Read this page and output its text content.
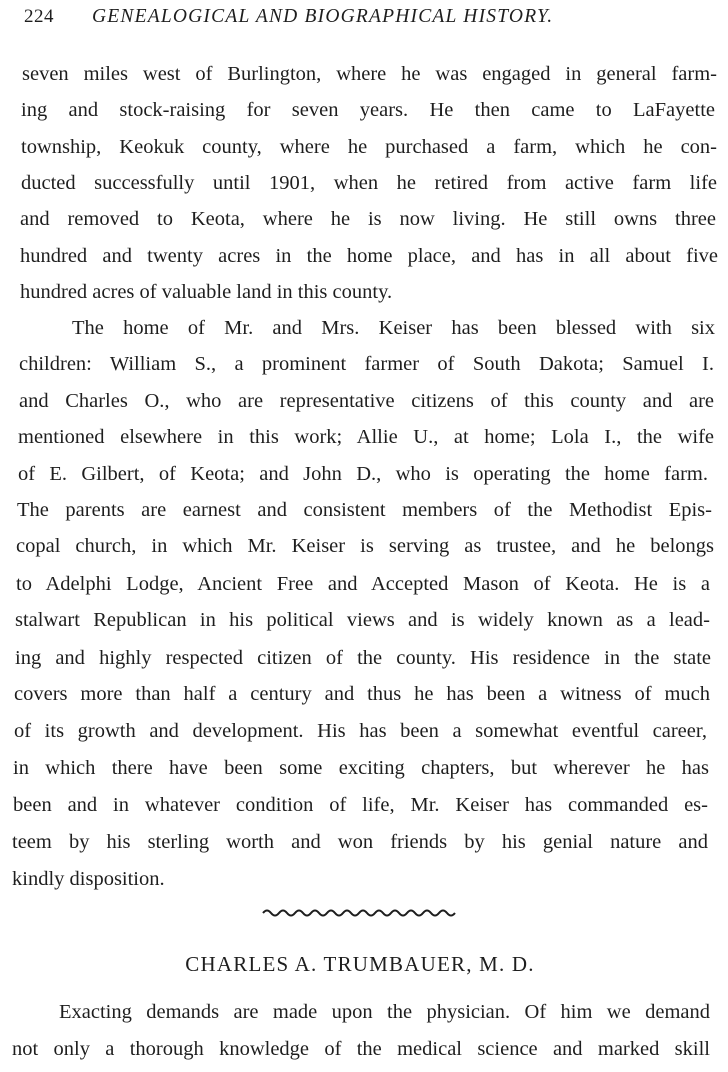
224 GENEALOGICAL AND BIOGRAPHICAL HISTORY.
seven miles west of Burlington, where he was engaged in general farm-
ing and stock-raising for seven years. He then came to LaFayette
township, Keokuk county, where he purchased a farm, which he con-
ducted successfully until 1901, when he retired from active farm life
and removed to Keota, where he is now living. He still owns three
hundred and twenty acres in the home place, and has in all about five
hundred acres of valuable land in this county.
The home of Mr. and Mrs. Keiser has been blessed with six
children: William S., a prominent farmer of South Dakota; Samuel I.
and Charles O., who are representative citizens of this county and are
mentioned elsewhere in this work; Allie U., at home; Lola I., the wife
of E. Gilbert, of Keota; and John D., who is operating the home farm.
The parents are earnest and consistent members of the Methodist Epis-
copal church, in which Mr. Keiser is serving as trustee, and he belongs
to Adelphi Lodge, Ancient Free and Accepted Mason of Keota. He is a
stalwart Republican in his political views and is widely known as a lead-
ing and highly respected citizen of the county. His residence in the state
covers more than half a century and thus he has been a witness of much
of its growth and development. His has been a somewhat eventful career,
in which there have been some exciting chapters, but wherever he has
been and in whatever condition of life, Mr. Keiser has commanded es-
teem by his sterling worth and won friends by his genial nature and
kindly disposition.
CHARLES A. TRUMBAUER, M. D.
Exacting demands are made upon the physician. Of him we demand
not only a thorough knowledge of the medical science and marked skill
